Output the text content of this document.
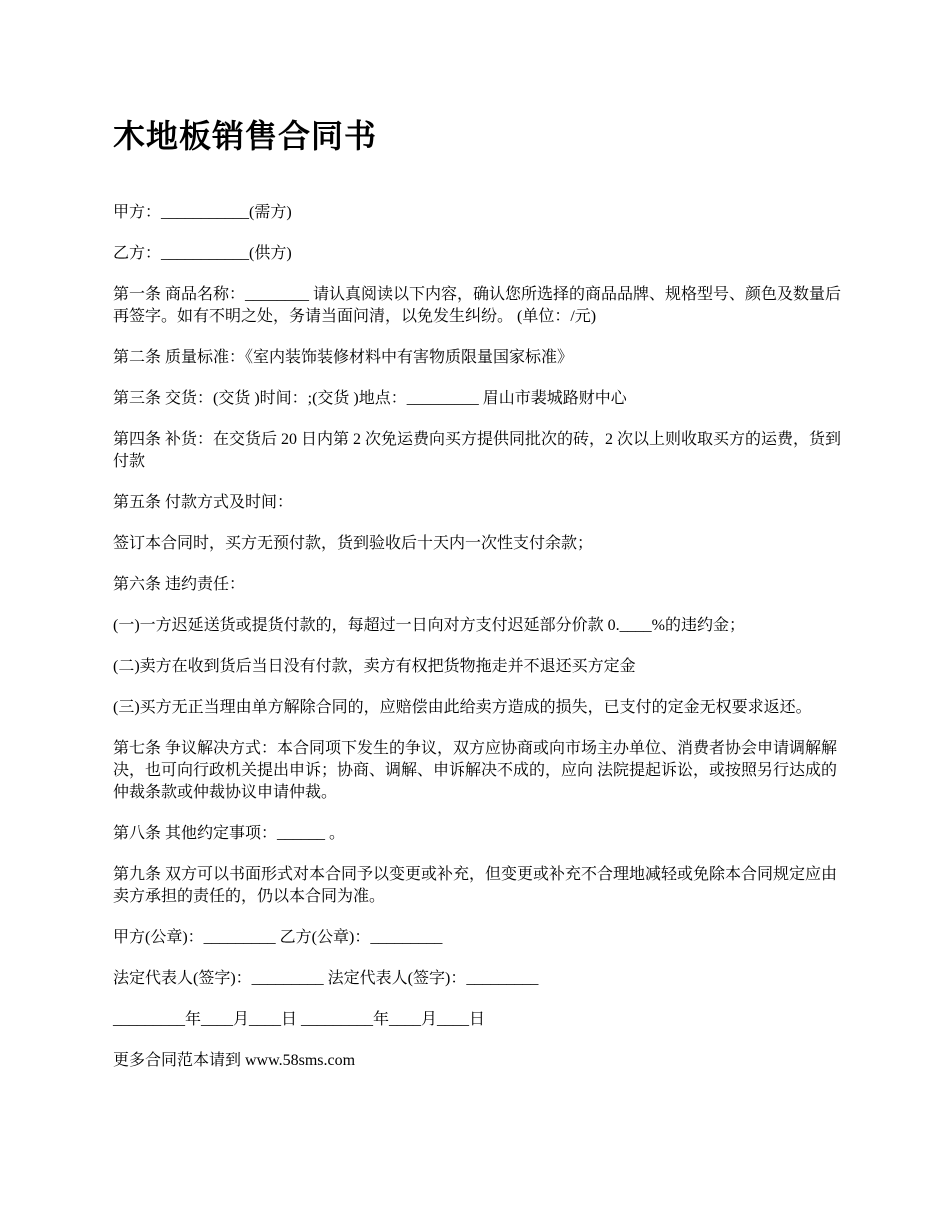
木地板销售合同书

甲方：___________(需方)

乙方：___________(供方)

第一条 商品名称：________ 请认真阅读以下内容，确认您所选择的商品品牌、规格型号、颜色及数量后再签字。如有不明之处，务请当面问清，以免发生纠纷。 (单位：/元)

第二条 质量标准：《室内装饰装修材料中有害物质限量国家标准》

第三条 交货：(交货 )时间：;(交货 )地点：_________ 眉山市裴城路财中心

第四条 补货：在交货后 20 日内第 2 次免运费向买方提供同批次的砖，2 次以上则收取买方的运费，货到付款

第五条 付款方式及时间：

签订本合同时，买方无预付款，货到验收后十天内一次性支付余款；

第六条 违约责任：

(一)一方迟延送货或提货付款的，每超过一日向对方支付迟延部分价款 0.____%的违约金；

(二)卖方在收到货后当日没有付款，卖方有权把货物拖走并不退还买方定金

(三)买方无正当理由单方解除合同的，应赔偿由此给卖方造成的损失，已支付的定金无权要求返还。

第七条 争议解决方式：本合同项下发生的争议，双方应协商或向市场主办单位、消费者协会申请调解解决，也可向行政机关提出申诉；协商、调解、申诉解决不成的，应向 法院提起诉讼，或按照另行达成的仲裁条款或仲裁协议申请仲裁。

第八条 其他约定事项：______ 。

第九条 双方可以书面形式对本合同予以变更或补充，但变更或补充不合理地减轻或免除本合同规定应由卖方承担的责任的，仍以本合同为准。

甲方(公章)：_________ 乙方(公章)：_________

法定代表人(签字)：_________ 法定代表人(签字)：_________

_________年____月____日 _________年____月____日

更多合同范本请到 www.58sms.com
